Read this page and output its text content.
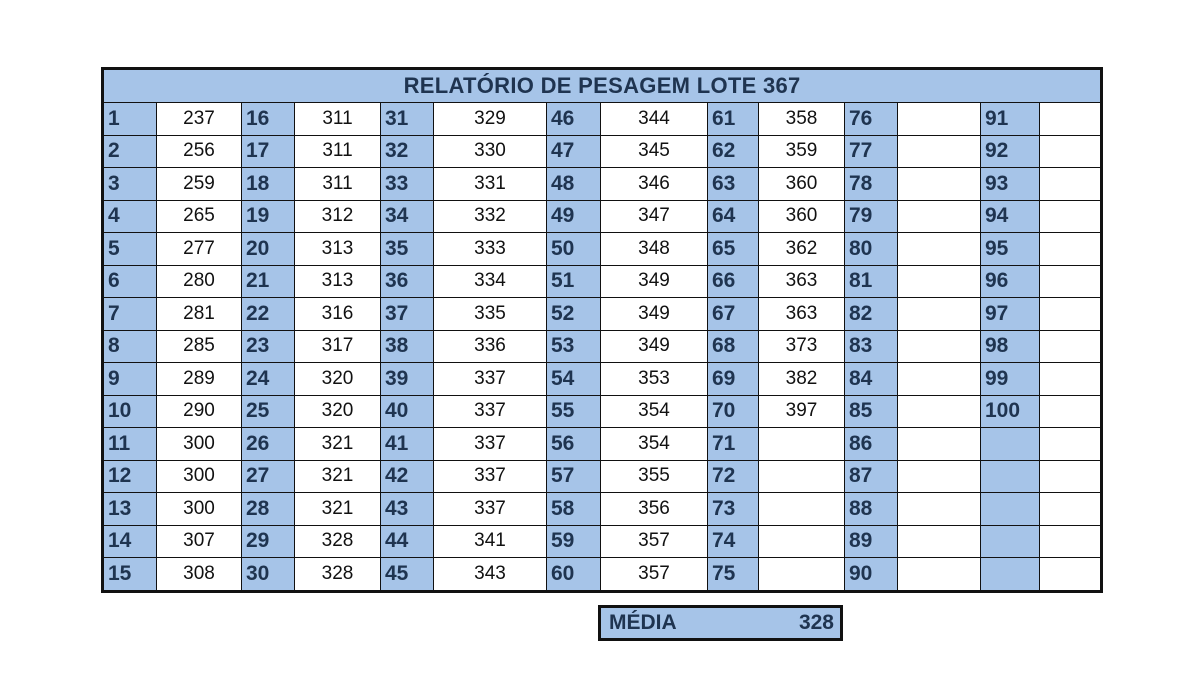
RELATÓRIO DE PESAGEM LOTE 367													
1	237	16	311	31	329	46	344	61	358	76		91	
2	256	17	311	32	330	47	345	62	359	77		92	
3	259	18	311	33	331	48	346	63	360	78		93	
4	265	19	312	34	332	49	347	64	360	79		94	
5	277	20	313	35	333	50	348	65	362	80		95	
6	280	21	313	36	334	51	349	66	363	81		96	
7	281	22	316	37	335	52	349	67	363	82		97	
8	285	23	317	38	336	53	349	68	373	83		98	
9	289	24	320	39	337	54	353	69	382	84		99	
10	290	25	320	40	337	55	354	70	397	85		100	
11	300	26	321	41	337	56	354	71		86			
12	300	27	321	42	337	57	355	72		87			
13	300	28	321	43	337	58	356	73		88			
14	307	29	328	44	341	59	357	74		89			
15	308	30	328	45	343	60	357	75		90			
MÉDIA	328
